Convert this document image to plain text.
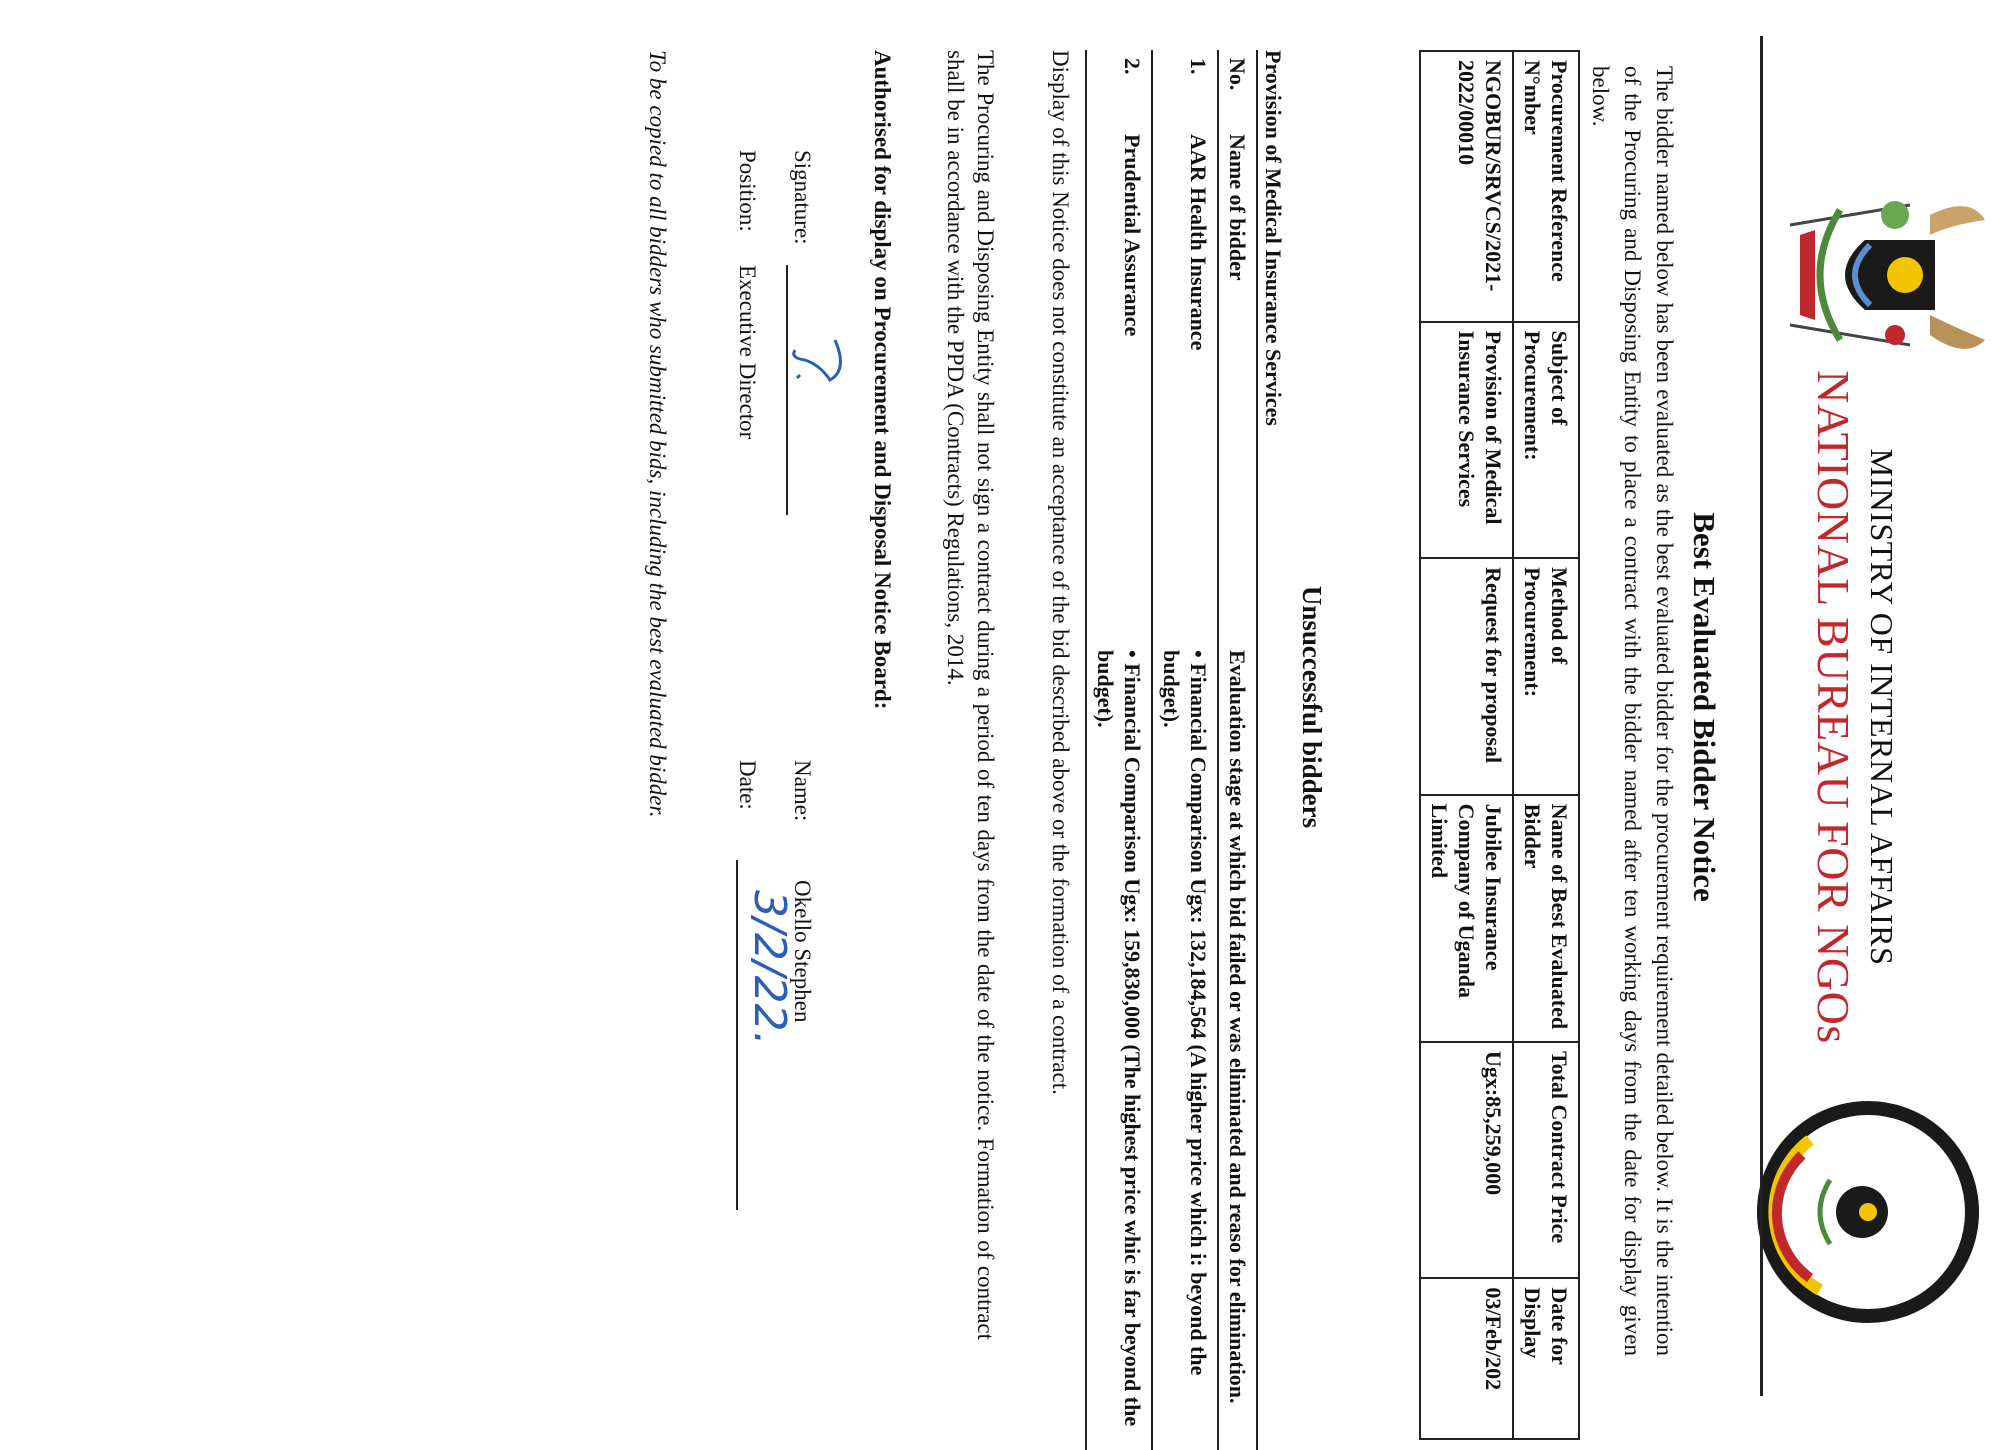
MINISTRY OF INTERNAL AFFAIRS
NATIONAL BUREAU FOR NGOs
Best Evaluated Bidder Notice
The bidder named below has been evaluated as the best evaluated bidder for the procurement requirement detailed below. It is the intention of the Procuring and Disposing Entity to place a contract with the bidder named after ten working days from the date for display given below.
Procurement Reference N°mber	Subject of Procurement:	Method of Procurement:	Name of Best Evaluated Bidder	Total Contract Price	Date for Display
NGOBUR/SRVCS/2021-2022/00010	Provision of Medical Insurance Services	Request for proposal	Jubilee Insurance Company of Uganda Limited	Ugx:85,259,000	03/Feb/202
Unsuccessful bidders
Provision of Medical Insurance Services
No.	Name of bidder	Evaluation stage at which bid failed or was eliminated and reaso for elimination.
1.	AAR Health Insurance	• Financial Comparison Ugx: 132,184,564 (A higher price which i: beyond the budget).
2.	Prudential Assurance	• Financial Comparison Ugx: 159,830,000 (The highest price whic is far beyond the budget).
Display of this Notice does not constitute an acceptance of the bid described above or the formation of a contract.
The Procuring and Disposing Entity shall not sign a contract during a period of ten days from the date of the notice. Formation of contract shall be in accordance with the PPDA (Contracts) Regulations, 2014.
Authorised for display on Procurement and Disposal Notice Board:
Signature:
Name:
Okello Stephen
Position:
Executive Director
Date:
3/2/22.
To be copied to all bidders who submitted bids, including the best evaluated bidder.
